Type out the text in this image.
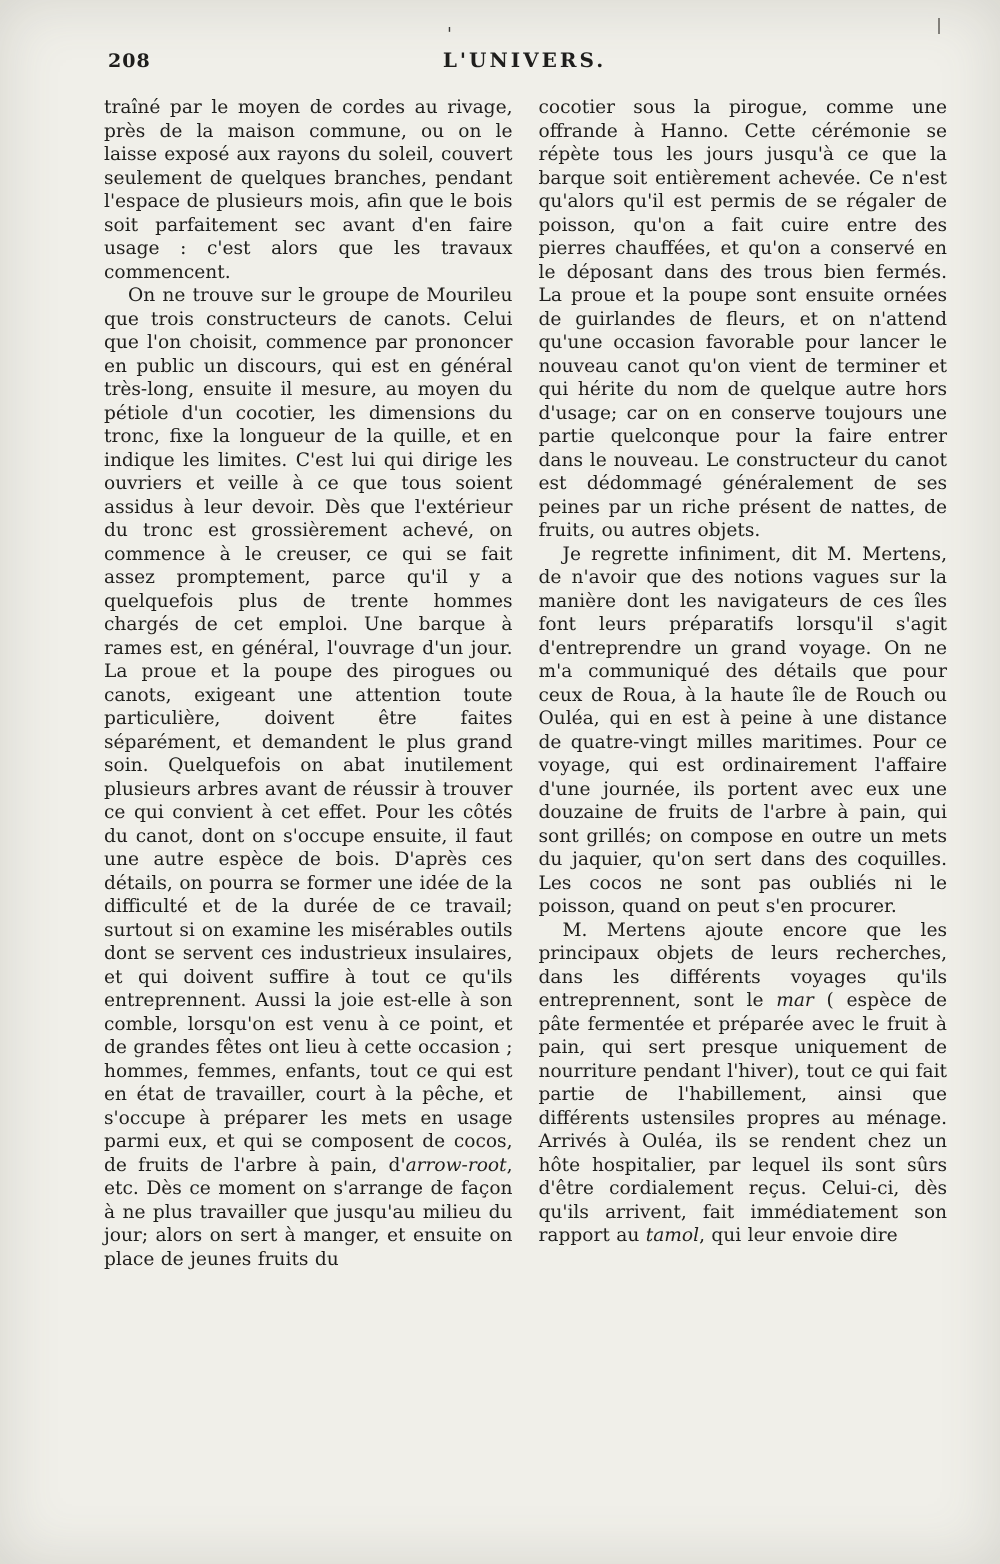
'
208	L'UNIVERS.

traîné par le moyen de cordes au rivage, près de la maison commune, ou on le laisse exposé aux rayons du soleil, couvert seulement de quelques branches, pendant l'espace de plusieurs mois, afin que le bois soit parfaitement sec avant d'en faire usage : c'est alors que les travaux commencent.

On ne trouve sur le groupe de Mourileu que trois constructeurs de canots. Celui que l'on choisit, commence par prononcer en public un discours, qui est en général très-long, ensuite il mesure, au moyen du pétiole d'un cocotier, les dimensions du tronc, fixe la longueur de la quille, et en indique les limites. C'est lui qui dirige les ouvriers et veille à ce que tous soient assidus à leur devoir. Dès que l'extérieur du tronc est grossièrement achevé, on commence à le creuser, ce qui se fait assez promptement, parce qu'il y a quelquefois plus de trente hommes chargés de cet emploi. Une barque à rames est, en général, l'ouvrage d'un jour. La proue et la poupe des pirogues ou canots, exigeant une attention toute particulière, doivent être faites séparément, et demandent le plus grand soin. Quelquefois on abat inutilement plusieurs arbres avant de réussir à trouver ce qui convient à cet effet. Pour les côtés du canot, dont on s'occupe ensuite, il faut une autre espèce de bois. D'après ces détails, on pourra se former une idée de la difficulté et de la durée de ce travail; surtout si on examine les misérables outils dont se servent ces industrieux insulaires, et qui doivent suffire à tout ce qu'ils entreprennent. Aussi la joie est-elle à son comble, lorsqu'on est venu à ce point, et de grandes fêtes ont lieu à cette occasion ; hommes, femmes, enfants, tout ce qui est en état de travailler, court à la pêche, et s'occupe à préparer les mets en usage parmi eux, et qui se composent de cocos, de fruits de l'arbre à pain, d'arrow-root, etc. Dès ce moment on s'arrange de façon à ne plus travailler que jusqu'au milieu du jour; alors on sert à manger, et ensuite on place de jeunes fruits du

cocotier sous la pirogue, comme une offrande à Hanno. Cette cérémonie se répète tous les jours jusqu'à ce que la barque soit entièrement achevée. Ce n'est qu'alors qu'il est permis de se régaler de poisson, qu'on a fait cuire entre des pierres chauffées, et qu'on a conservé en le déposant dans des trous bien fermés. La proue et la poupe sont ensuite ornées de guirlandes de fleurs, et on n'attend qu'une occasion favorable pour lancer le nouveau canot qu'on vient de terminer et qui hérite du nom de quelque autre hors d'usage; car on en conserve toujours une partie quelconque pour la faire entrer dans le nouveau. Le constructeur du canot est dédommagé généralement de ses peines par un riche présent de nattes, de fruits, ou autres objets.

Je regrette infiniment, dit M. Mertens, de n'avoir que des notions vagues sur la manière dont les navigateurs de ces îles font leurs préparatifs lorsqu'il s'agit d'entreprendre un grand voyage. On ne m'a communiqué des détails que pour ceux de Roua, à la haute île de Rouch ou Ouléa, qui en est à peine à une distance de quatre-vingt milles maritimes. Pour ce voyage, qui est ordinairement l'affaire d'une journée, ils portent avec eux une douzaine de fruits de l'arbre à pain, qui sont grillés; on compose en outre un mets du jaquier, qu'on sert dans des coquilles. Les cocos ne sont pas oubliés ni le poisson, quand on peut s'en procurer.

M. Mertens ajoute encore que les principaux objets de leurs recherches, dans les différents voyages qu'ils entreprennent, sont le mar ( espèce de pâte fermentée et préparée avec le fruit à pain, qui sert presque uniquement de nourriture pendant l'hiver), tout ce qui fait partie de l'habillement, ainsi que différents ustensiles propres au ménage. Arrivés à Ouléa, ils se rendent chez un hôte hospitalier, par lequel ils sont sûrs d'être cordialement reçus. Celui-ci, dès qu'ils arrivent, fait immédiatement son rapport au tamol, qui leur envoie dire
